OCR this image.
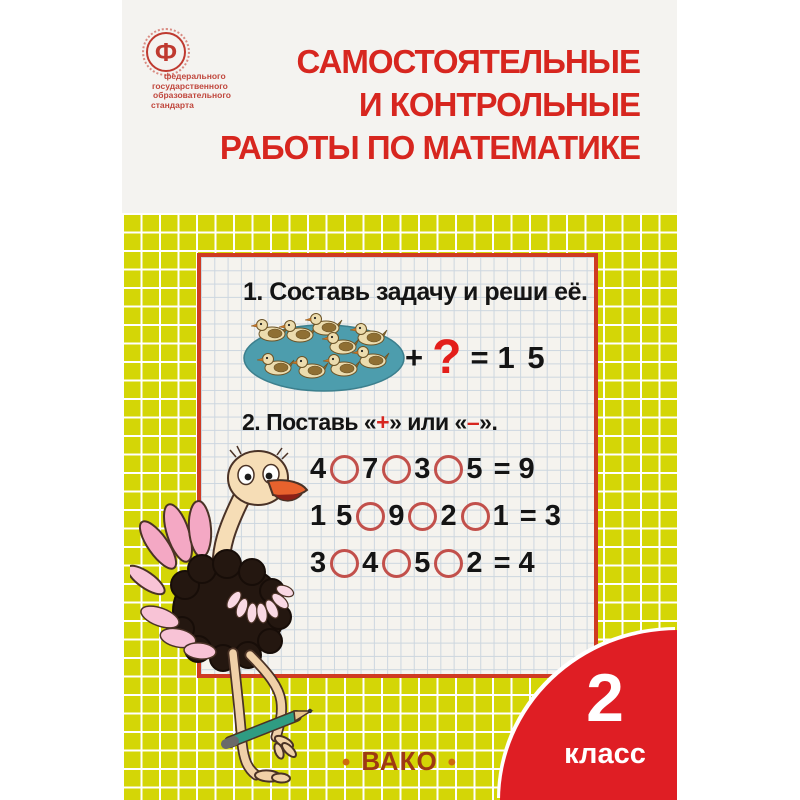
Ф
федерального
государственного
образовательного
стандарта
САМОСТОЯТЕЛЬНЫЕ
И КОНТРОЛЬНЫЕ
РАБОТЫ ПО МАТЕМАТИКЕ
1. Составь задачу и реши её.
+ ? = 1 5
2. Поставь «+» или «–».
4 7 3 5 = 9
1 5 9 2 1 = 3
3 4 5 2 = 4
2
класс
• ВАКО •
